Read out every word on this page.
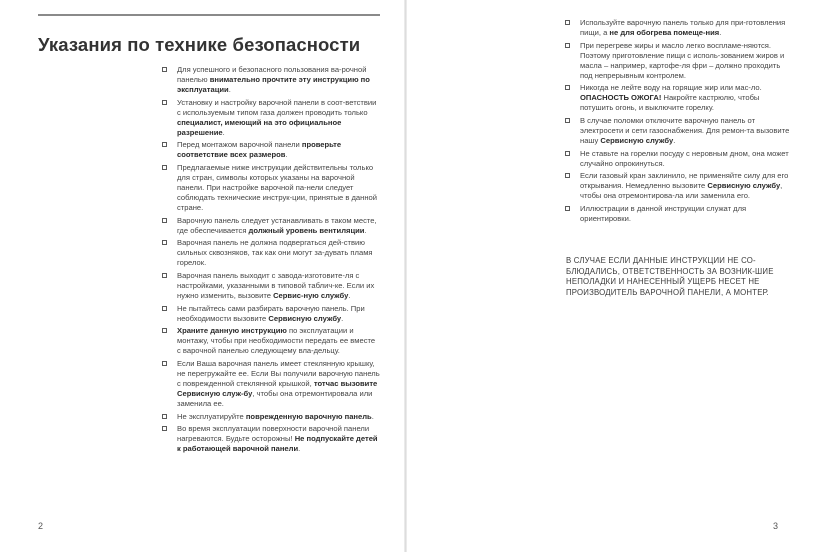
Указания по технике безопасности
Для успешного и безопасного пользования ва-рочной панелью внимательно прочтите эту инструкцию по эксплуатации.
Установку и настройку варочной панели в соот-ветствии с используемым типом газа должен проводить только специалист, имеющий на это официальное разрешение.
Перед монтажом варочной панели проверьте соответствие всех размеров.
Предлагаемые ниже инструкции действительны только для стран, символы которых указаны на варочной панели. При настройке варочной па-нели следует соблюдать технические инструк-ции, принятые в данной стране.
Варочную панель следует устанавливать в таком месте, где обеспечивается должный уровень вентиляции.
Варочная панель не должна подвергаться дей-ствию сильных сквозняков, так как они могут за-дувать пламя горелок.
Варочная панель выходит с завода-изготовите-ля с настройками, указанными в типовой таблич-ке. Если их нужно изменить, вызовите Сервис-ную службу.
Не пытайтесь сами разбирать варочную панель. При необходимости вызовите Сервисную службу.
Храните данную инструкцию по эксплуатации и монтажу, чтобы при необходимости передать ее вместе с варочной панелью следующему вла-дельцу.
Если Ваша варочная панель имеет стеклянную крышку, не перегружайте ее. Если Вы получили варочную панель с поврежденной стеклянной крышкой, тотчас вызовите Сервисную служ-бу, чтобы она отремонтировала или заменила ее.
Не эксплуатируйте поврежденную варочную панель.
Во время эксплуатации поверхности варочной панели нагреваются. Будьте осторожны! Не подпускайте детей к работающей варочной панели.
2
Используйте варочную панель только для при-готовления пищи, а не для обогрева помеще-ния.
При перегреве жиры и масло легко воспламе-няются. Поэтому приготовление пищи с исполь-зованием жиров и масла – например, картофе-ля фри – должно проходить под непрерывным контролем.
Никогда не лейте воду на горящие жир или мас-ло. ОПАСНОСТЬ ОЖОГА! Накройте кастрюлю, чтобы потушить огонь, и выключите горелку.
В случае поломки отключите варочную панель от электросети и сети газоснабжения. Для ремон-та вызовите нашу Сервисную службу.
Не ставьте на горелки посуду с неровным дном, она может случайно опрокинуться.
Если газовый кран заклинило, не применяйте силу для его открывания. Немедленно вызовите Сервисную службу, чтобы она отремонтирова-ла или заменила его.
Иллюстрации в данной инструкции служат для ориентировки.
3

В СЛУЧАЕ ЕСЛИ ДАННЫЕ ИНСТРУКЦИИ НЕ СО-БЛЮДАЛИСЬ, ОТВЕТСТВЕННОСТЬ ЗА ВОЗНИК-ШИЕ НЕПОЛАДКИ И НАНЕСЕННЫЙ УЩЕРБ НЕСЕТ НЕ ПРОИЗВОДИТЕЛЬ ВАРОЧНОЙ ПАНЕЛИ, А МОНТЕР.
